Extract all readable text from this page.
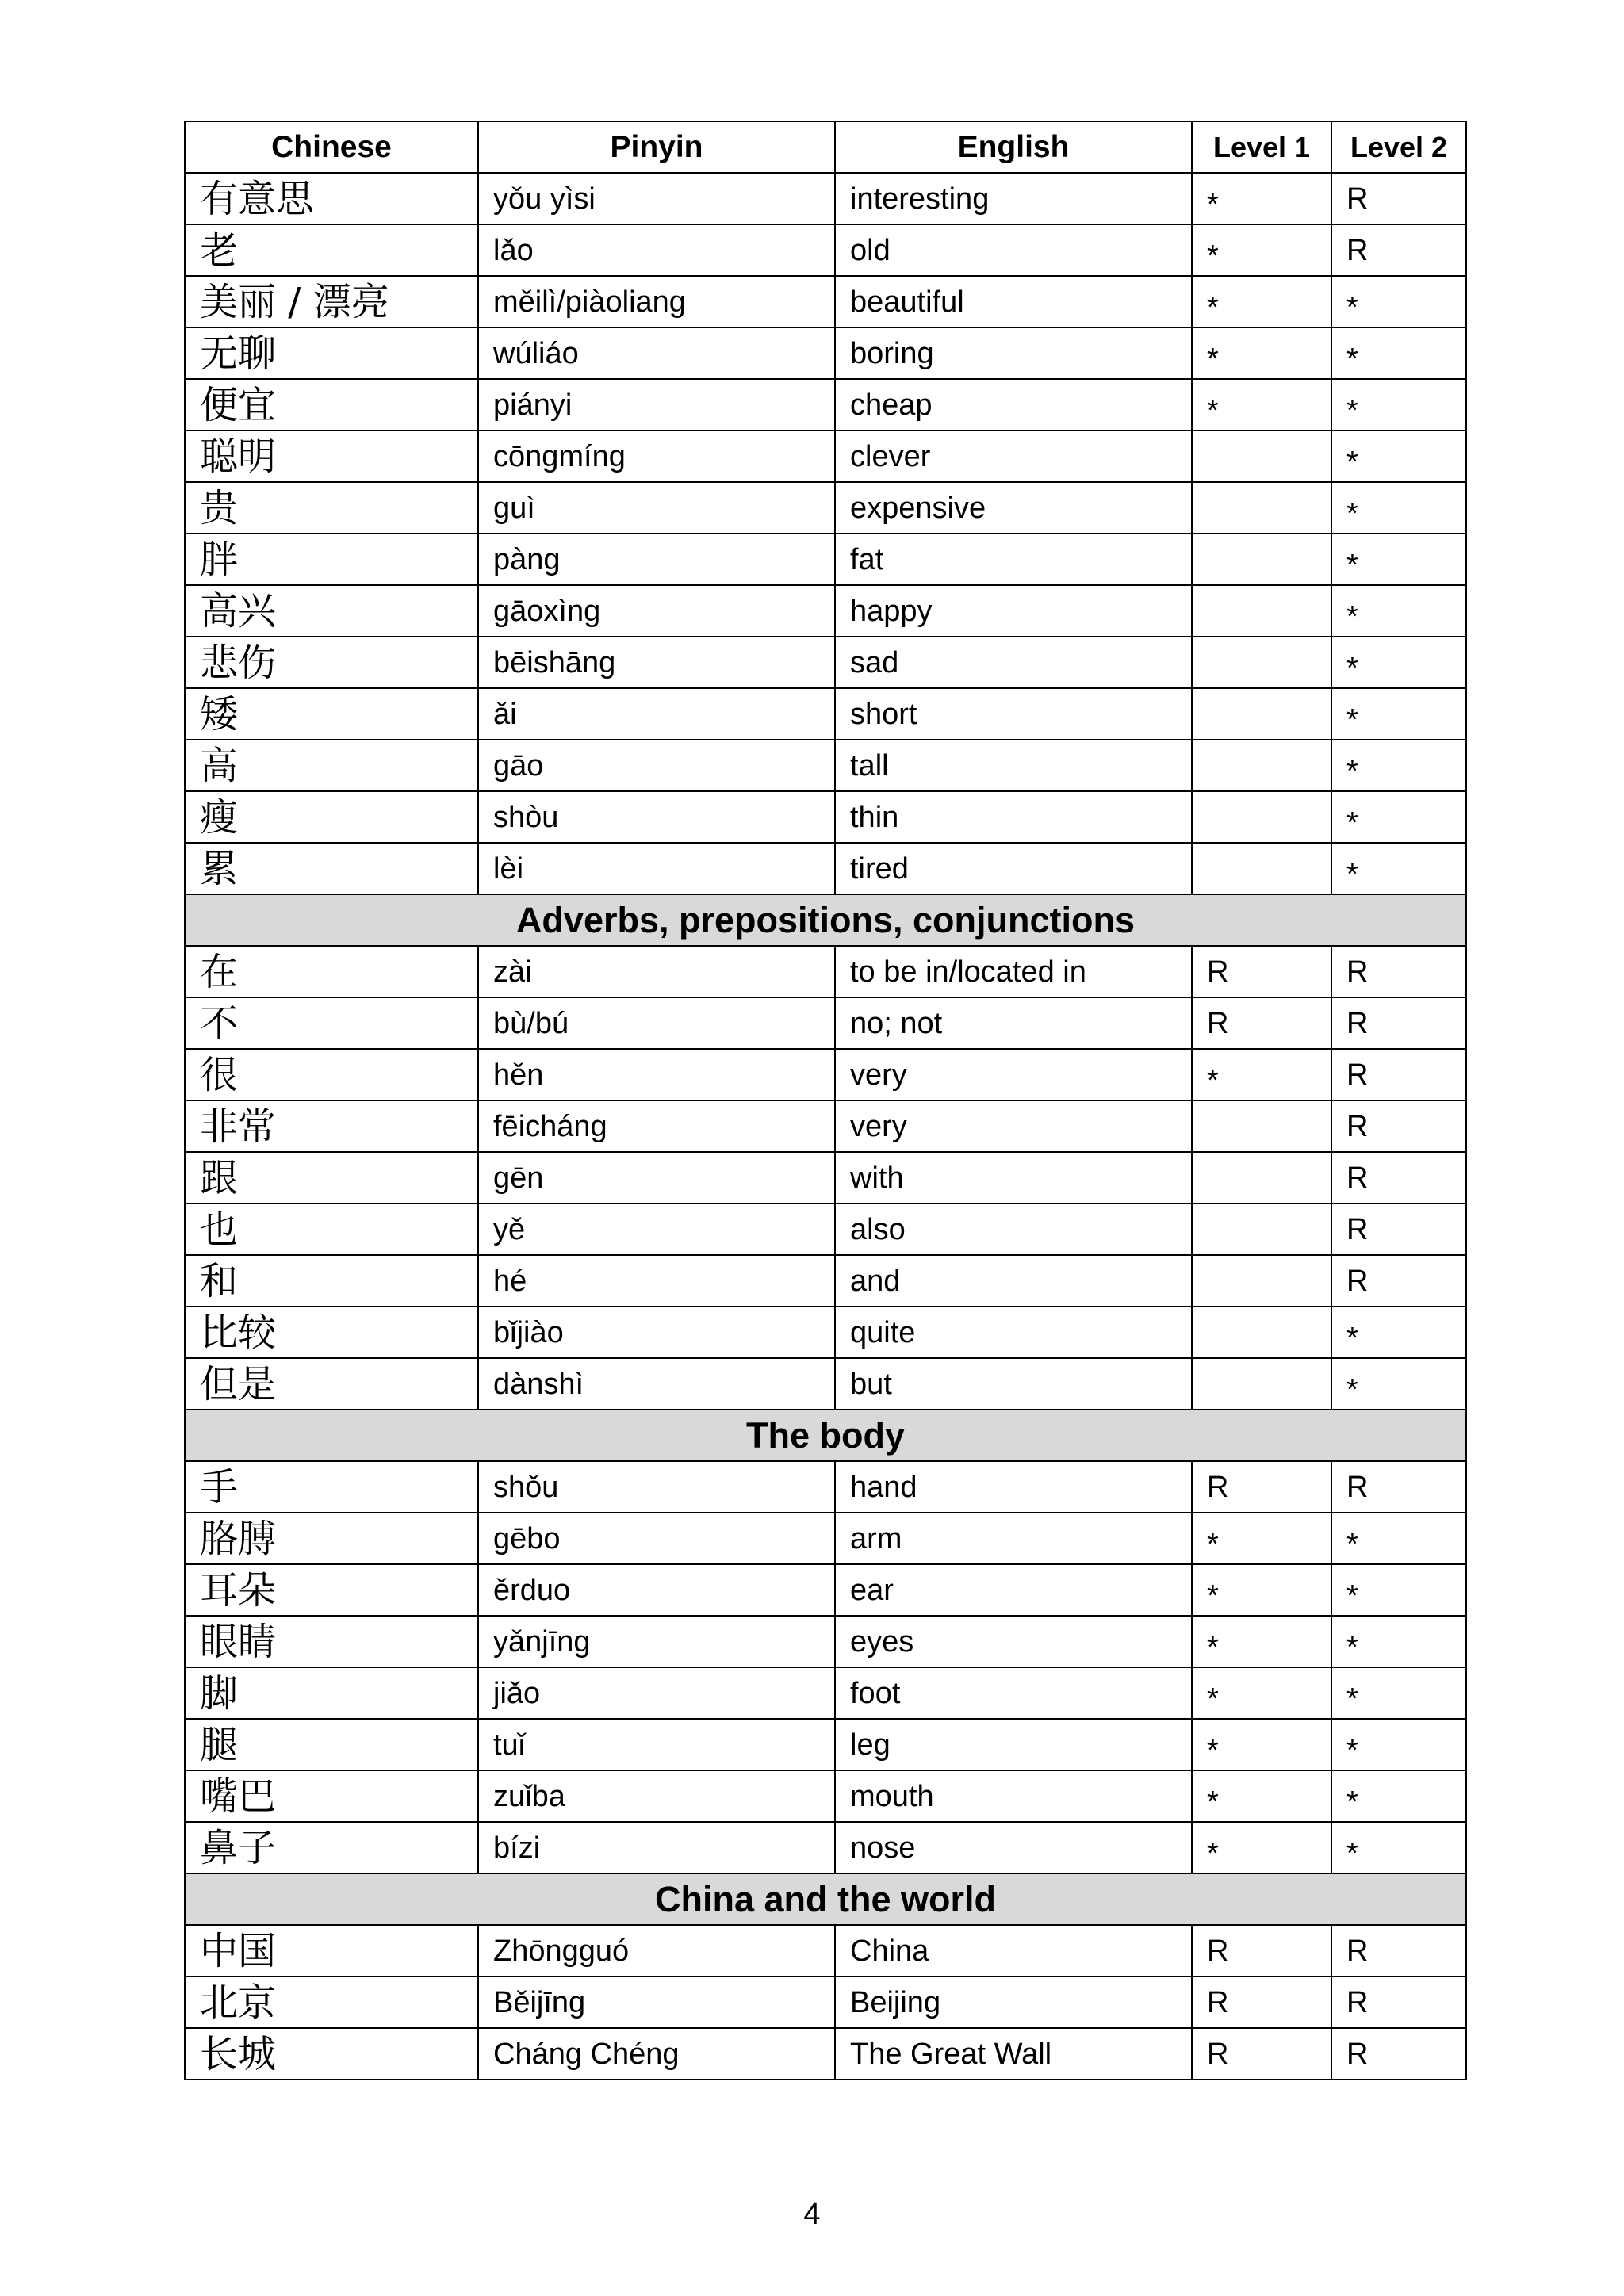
Chinese	Pinyin	English	Level 1	Level 2
有意思	yǒu yìsi	interesting	*	R
老	lǎo	old	*	R
美丽 / 漂亮	měilì/piàoliang	beautiful	*	*
无聊	wúliáo	boring	*	*
便宜	piányi	cheap	*	*
聪明	cōngmíng	clever		*
贵	guì	expensive		*
胖	pàng	fat		*
高兴	gāoxìng	happy		*
悲伤	bēishāng	sad		*
矮	ǎi	short		*
高	gāo	tall		*
瘦	shòu	thin		*
累	lèi	tired		*
Adverbs, prepositions, conjunctions				
在	zài	to be in/located in	R	R
不	bù/bú	no; not	R	R
很	hěn	very	*	R
非常	fēicháng	very		R
跟	gēn	with		R
也	yě	also		R
和	hé	and		R
比较	bǐjiào	quite		*
但是	dànshì	but		*
The body				
手	shǒu	hand	R	R
胳膊	gēbo	arm	*	*
耳朵	ěrduo	ear	*	*
眼睛	yǎnjīng	eyes	*	*
脚	jiǎo	foot	*	*
腿	tuǐ	leg	*	*
嘴巴	zuǐba	mouth	*	*
鼻子	bízi	nose	*	*
China and the world				
中国	Zhōngguó	China	R	R
北京	Běijīng	Beijing	R	R
长城	Cháng Chéng	The Great Wall	R	R
4
